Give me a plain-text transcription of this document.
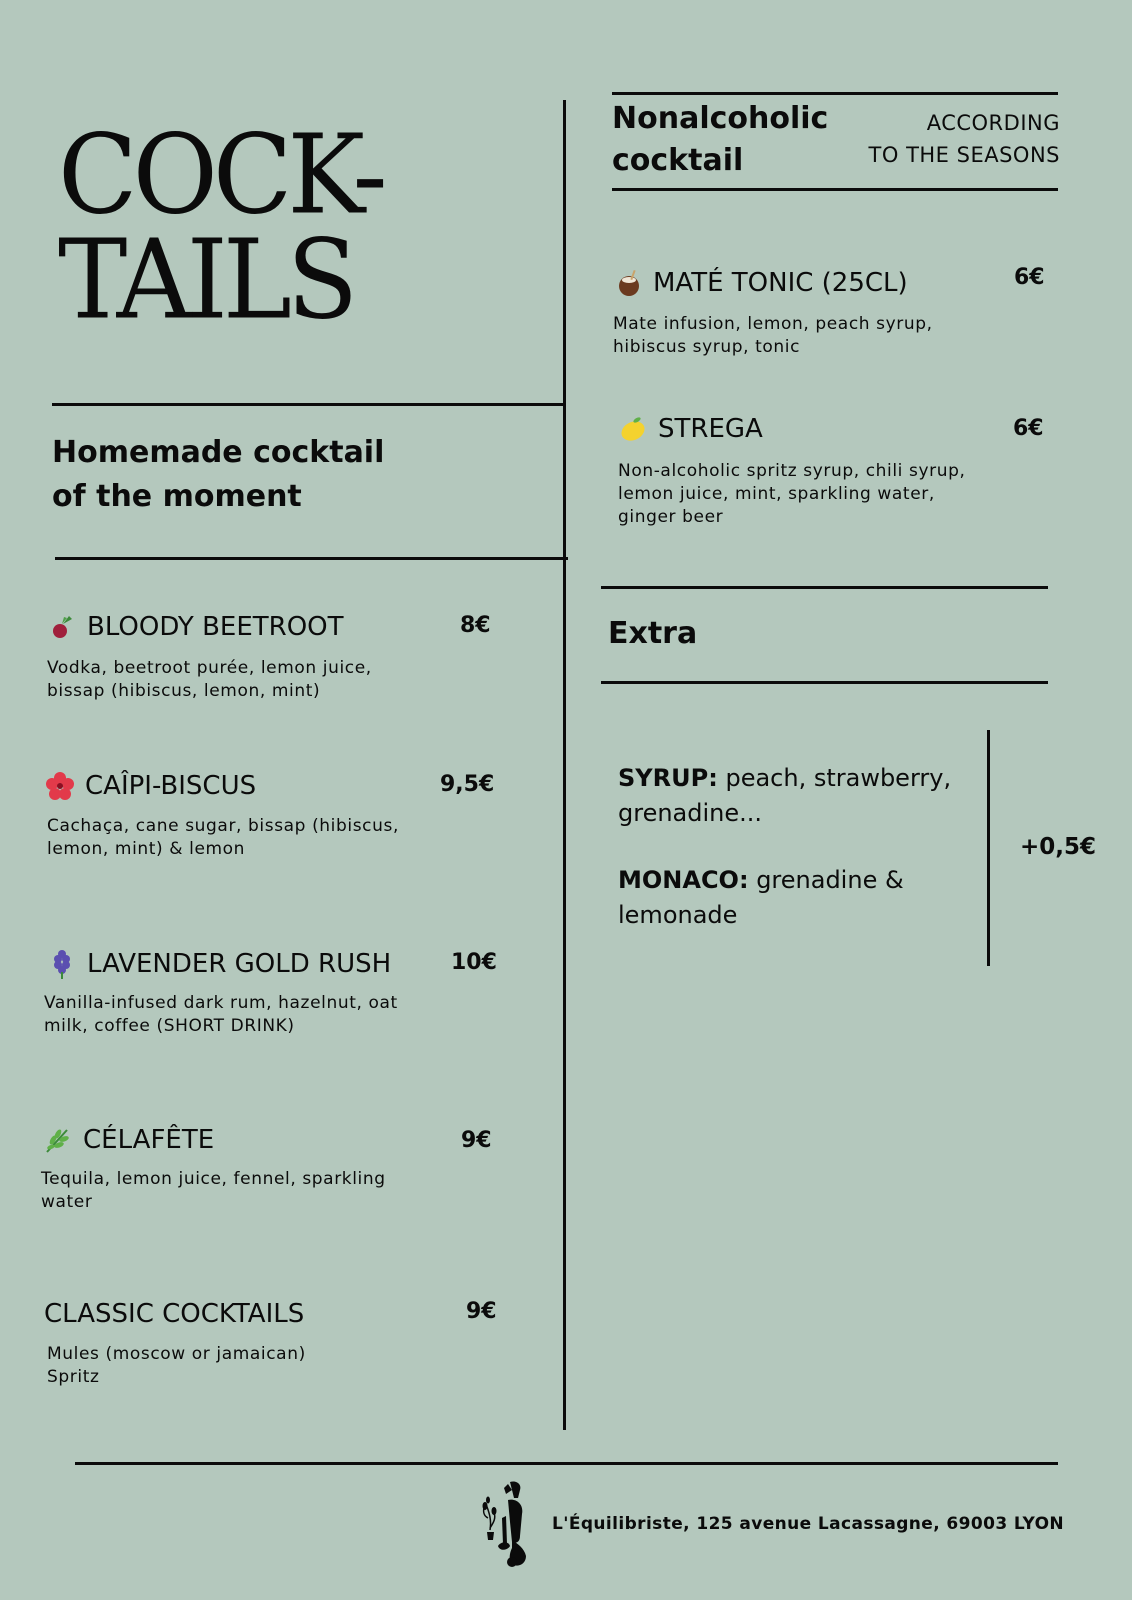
COCK-
TAILS
Homemade cocktail
of the moment
BLOODY BEETROOT	8€
Vodka, beetroot purée, lemon juice,
bissap (hibiscus, lemon, mint)
CAÎPI-BISCUS	9,5€
Cachaça, cane sugar, bissap (hibiscus,
lemon, mint) & lemon
LAVENDER GOLD RUSH	10€
Vanilla-infused dark rum, hazelnut, oat
milk, coffee (SHORT DRINK)
CÉLAFÊTE	9€
Tequila, lemon juice, fennel, sparkling
water
CLASSIC COCKTAILS	9€
Mules (moscow or jamaican)
Spritz
Nonalcoholic
cocktail
ACCORDING
TO THE SEASONS
MATÉ TONIC (25CL)	6€
Mate infusion, lemon, peach syrup,
hibiscus syrup, tonic
STREGA	6€
Non-alcoholic spritz syrup, chili syrup,
lemon juice, mint, sparkling water,
ginger beer
Extra
SYRUP: peach, strawberry,
grenadine...
MONACO: grenadine &
lemonade
+0,5€
L'Équilibriste, 125 avenue Lacassagne, 69003 LYON
